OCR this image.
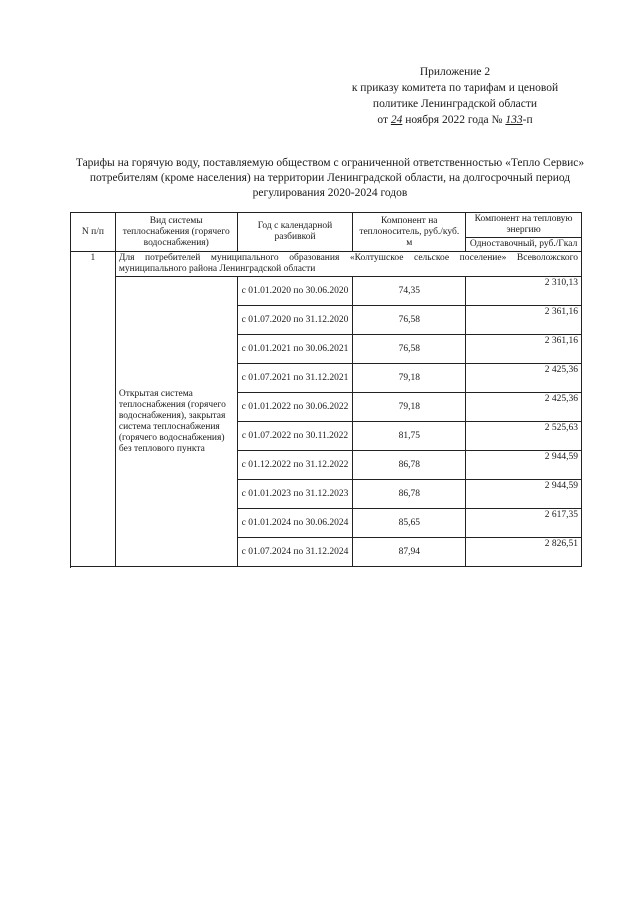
Приложение 2
к приказу комитета по тарифам и ценовой
политике Ленинградской области
от 24 ноября 2022 года № 133-п
Тарифы на горячую воду, поставляемую обществом с ограниченной ответственностью «Тепло Сервис» потребителям (кроме населения) на территории Ленинградской области, на долгосрочный период регулирования 2020-2024 годов
N п/п	Вид системы теплоснабжения (горячего водоснабжения)	Год с календарной разбивкой	Компонент на теплоноситель, руб./куб. м	Компонент на тепловую энергию
				Одноставочный, руб./Гкал
1	Для потребителей муниципального образования «Колтушское сельское поселение» Всеволожского муниципального района Ленинградской области			
	Открытая система теплоснабжения (горячего водоснабжения), закрытая система теплоснабжения (горячего водоснабжения) без теплового пункта	с 01.01.2020 по 30.06.2020	74,35	2 310,13
		с 01.07.2020 по 31.12.2020	76,58	2 361,16
		с 01.01.2021 по 30.06.2021	76,58	2 361,16
		с 01.07.2021 по 31.12.2021	79,18	2 425,36
		с 01.01.2022 по 30.06.2022	79,18	2 425,36
		с 01.07.2022 по 30.11.2022	81,75	2 525,63
		с 01.12.2022 по 31.12.2022	86,78	2 944,59
		с 01.01.2023 по 31.12.2023	86,78	2 944,59
		с 01.01.2024 по 30.06.2024	85,65	2 617,35
		с 01.07.2024 по 31.12.2024	87,94	2 826,51
